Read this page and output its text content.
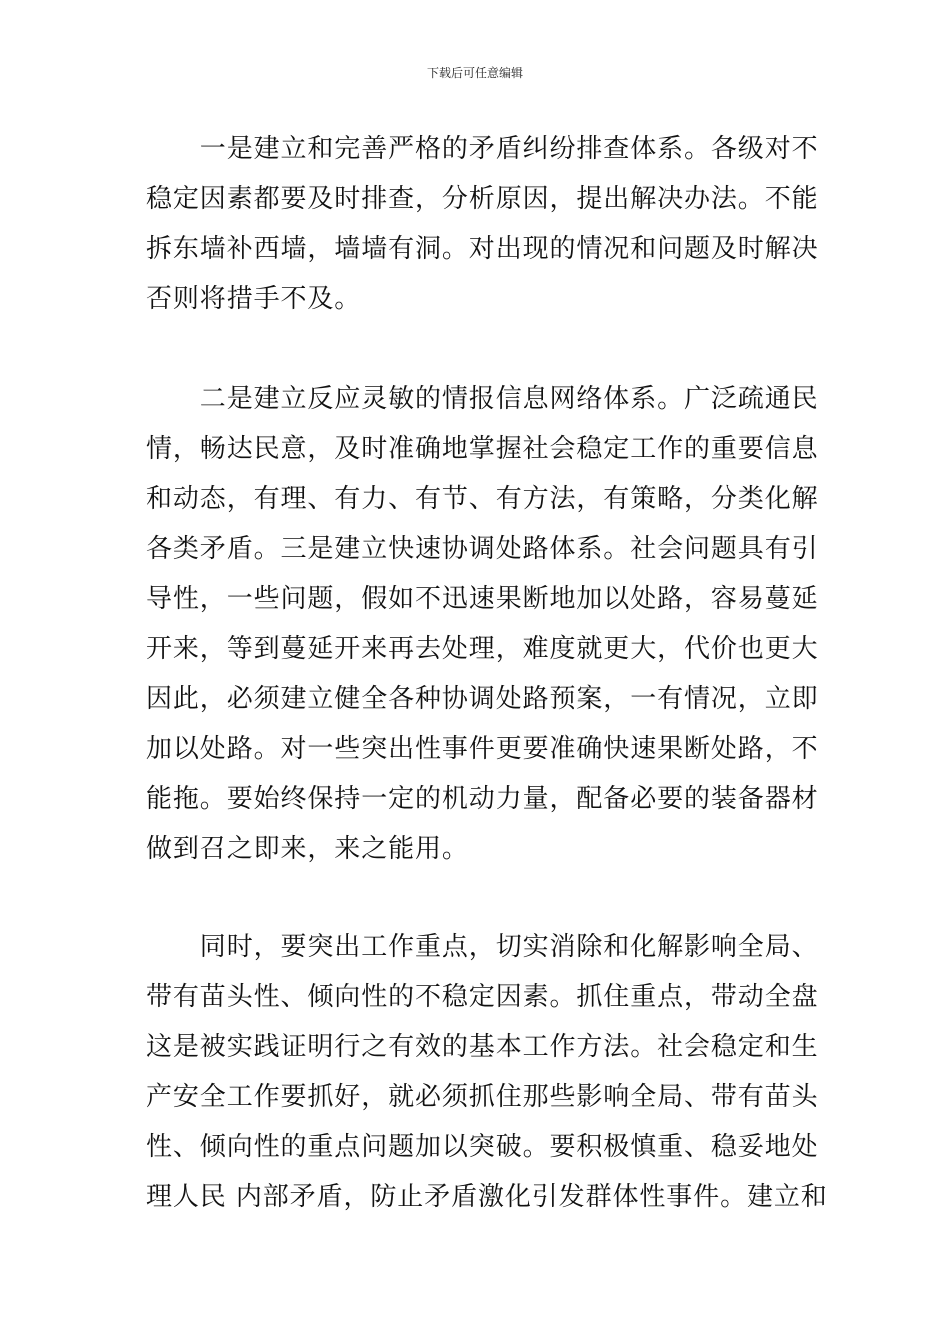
下载后可任意编辑
　　一是建立和完善严格的矛盾纠纷排查体系。各级对不
稳定因素都要及时排查，分析原因，提出解决办法。不能
拆东墙补西墙，墙墙有洞。对出现的情况和问题及时解决
否则将措手不及。
　　二是建立反应灵敏的情报信息网络体系。广泛疏通民
情，畅达民意，及时准确地掌握社会稳定工作的重要信息
和动态，有理、有力、有节、有方法，有策略，分类化解
各类矛盾。三是建立快速协调处路体系。社会问题具有引
导性，一些问题，假如不迅速果断地加以处路，容易蔓延
开来，等到蔓延开来再去处理，难度就更大，代价也更大
因此，必须建立健全各种协调处路预案，一有情况，立即
加以处路。对一些突出性事件更要准确快速果断处路，不
能拖。要始终保持一定的机动力量，配备必要的装备器材
做到召之即来，来之能用。
　　同时，要突出工作重点，切实消除和化解影响全局、
带有苗头性、倾向性的不稳定因素。抓住重点，带动全盘
这是被实践证明行之有效的基本工作方法。社会稳定和生
产安全工作要抓好，就必须抓住那些影响全局、带有苗头
性、倾向性的重点问题加以突破。要积极慎重、稳妥地处
理人民 内部矛盾，防止矛盾激化引发群体性事件。建立和
